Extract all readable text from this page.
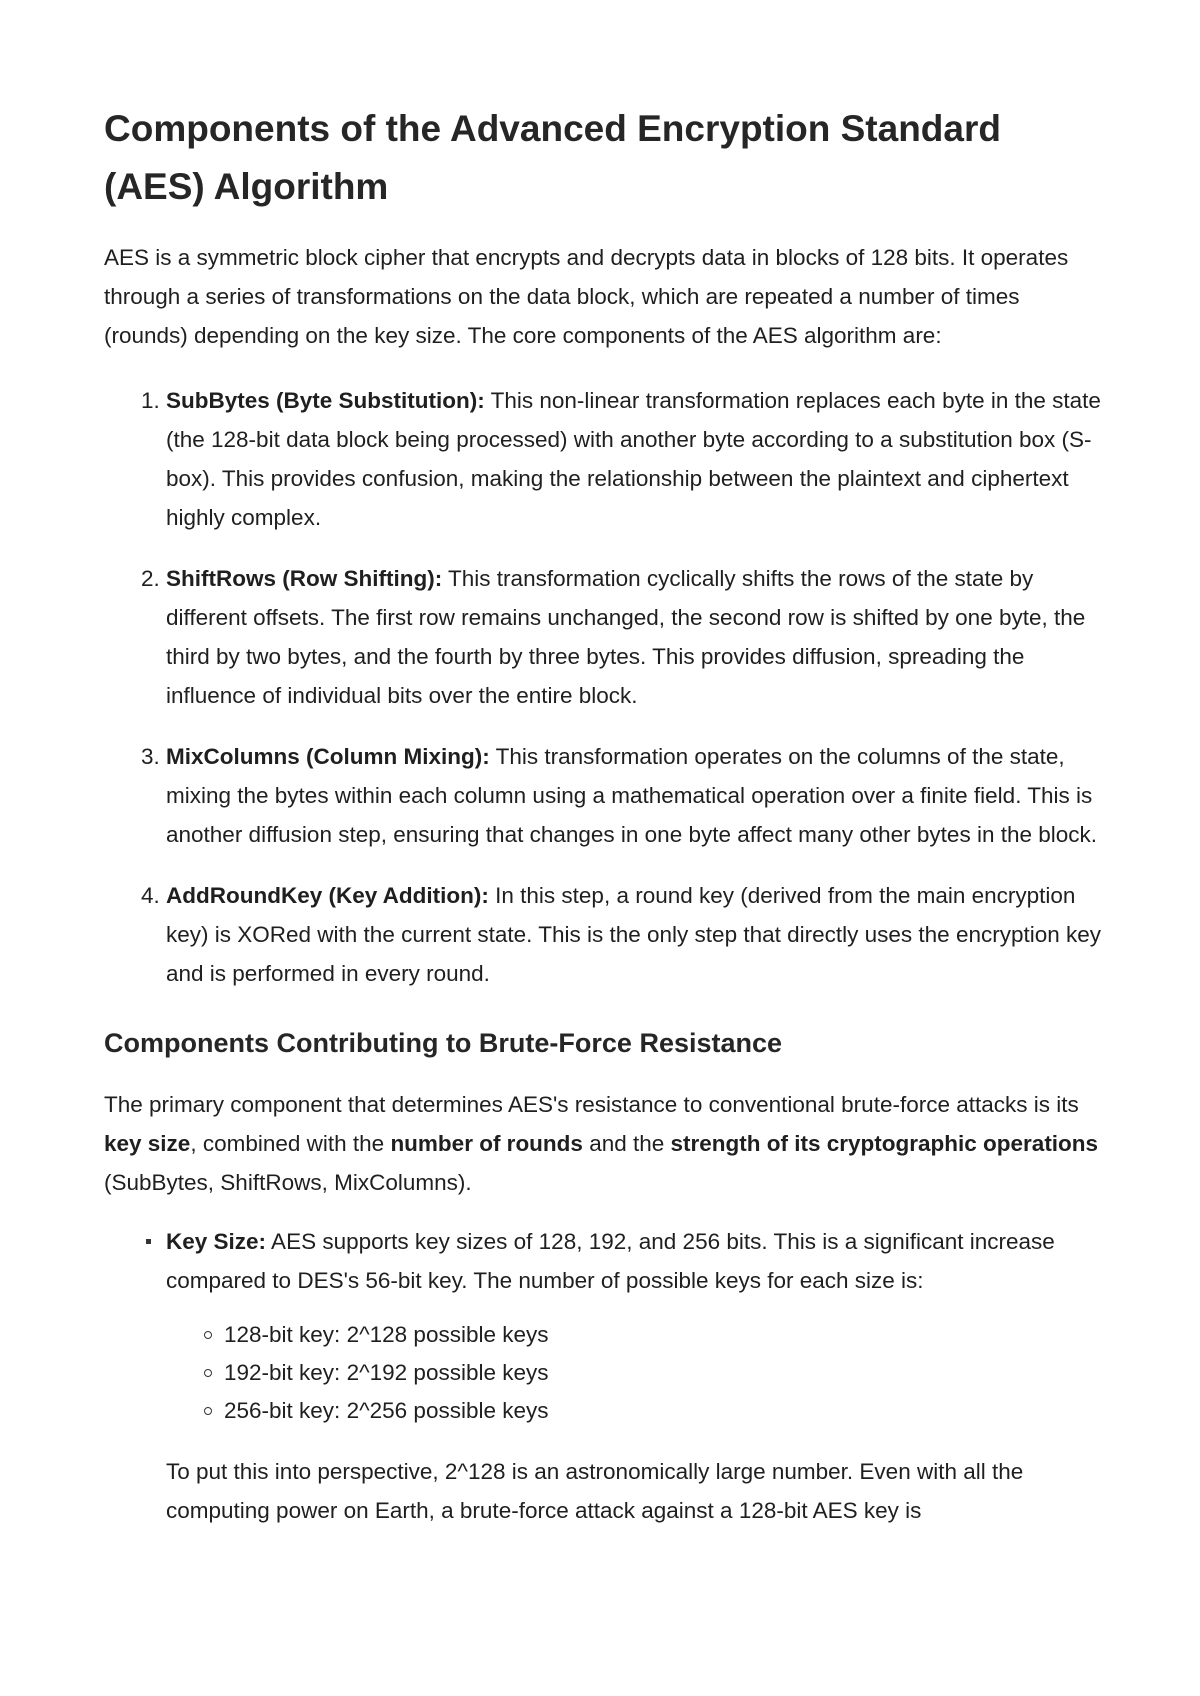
Components of the Advanced Encryption Standard (AES) Algorithm

AES is a symmetric block cipher that encrypts and decrypts data in blocks of 128 bits. It operates through a series of transformations on the data block, which are repeated a number of times (rounds) depending on the key size. The core components of the AES algorithm are:

1. SubBytes (Byte Substitution): This non-linear transformation replaces each byte in the state (the 128-bit data block being processed) with another byte according to a substitution box (S-box). This provides confusion, making the relationship between the plaintext and ciphertext highly complex.
2. ShiftRows (Row Shifting): This transformation cyclically shifts the rows of the state by different offsets. The first row remains unchanged, the second row is shifted by one byte, the third by two bytes, and the fourth by three bytes. This provides diffusion, spreading the influence of individual bits over the entire block.
3. MixColumns (Column Mixing): This transformation operates on the columns of the state, mixing the bytes within each column using a mathematical operation over a finite field. This is another diffusion step, ensuring that changes in one byte affect many other bytes in the block.
4. AddRoundKey (Key Addition): In this step, a round key (derived from the main encryption key) is XORed with the current state. This is the only step that directly uses the encryption key and is performed in every round.
Components Contributing to Brute-Force Resistance

The primary component that determines AES's resistance to conventional brute-force attacks is its key size, combined with the number of rounds and the strength of its cryptographic operations (SubBytes, ShiftRows, MixColumns).

Key Size: AES supports key sizes of 128, 192, and 256 bits. This is a significant increase compared to DES's 56-bit key. The number of possible keys for each size is:
128-bit key: 2^128 possible keys
192-bit key: 2^192 possible keys
256-bit key: 2^256 possible keys

To put this into perspective, 2^128 is an astronomically large number. Even with all the computing power on Earth, a brute-force attack against a 128-bit AES key is
